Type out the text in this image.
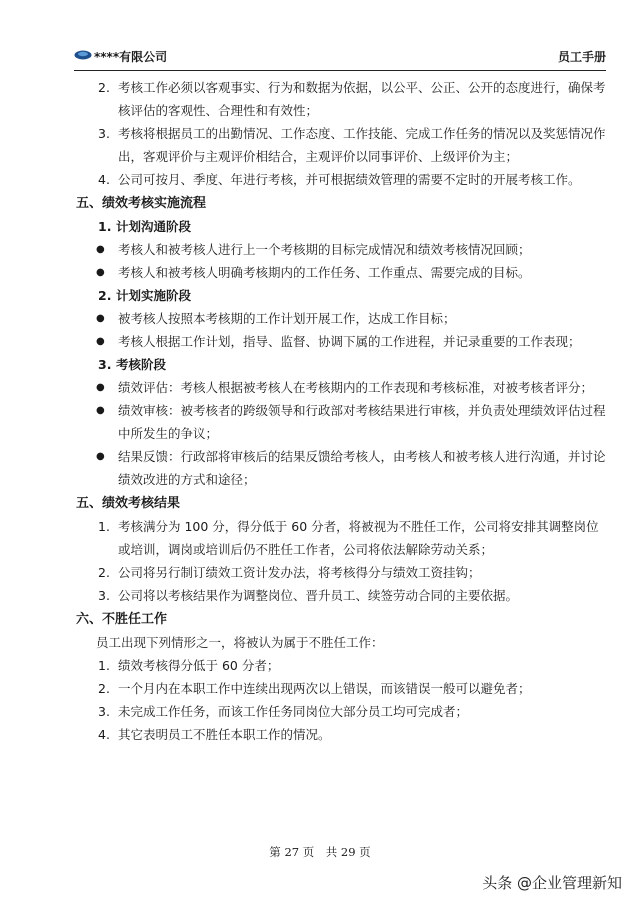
****有限公司	员工手册
2. 考核工作必须以客观事实、行为和数据为依据，以公平、公正、公开的态度进行，确保考核评估的客观性、合理性和有效性；
3. 考核将根据员工的出勤情况、工作态度、工作技能、完成工作任务的情况以及奖惩情况作出，客观评价与主观评价相结合，主观评价以同事评价、上级评价为主；
4. 公司可按月、季度、年进行考核，并可根据绩效管理的需要不定时的开展考核工作。
五、绩效考核实施流程
1. 计划沟通阶段
● 考核人和被考核人进行上一个考核期的目标完成情况和绩效考核情况回顾；
● 考核人和被考核人明确考核期内的工作任务、工作重点、需要完成的目标。
2. 计划实施阶段
● 被考核人按照本考核期的工作计划开展工作，达成工作目标；
● 考核人根据工作计划，指导、监督、协调下属的工作进程，并记录重要的工作表现；
3. 考核阶段
● 绩效评估：考核人根据被考核人在考核期内的工作表现和考核标准，对被考核者评分；
● 绩效审核：被考核者的跨级领导和行政部对考核结果进行审核，并负责处理绩效评估过程中所发生的争议；
● 结果反馈：行政部将审核后的结果反馈给考核人，由考核人和被考核人进行沟通，并讨论绩效改进的方式和途径；
五、绩效考核结果
1. 考核满分为 100 分，得分低于 60 分者，将被视为不胜任工作，公司将安排其调整岗位或培训，调岗或培训后仍不胜任工作者，公司将依法解除劳动关系；
2. 公司将另行制订绩效工资计发办法，将考核得分与绩效工资挂钩；
3. 公司将以考核结果作为调整岗位、晋升员工、续签劳动合同的主要依据。
六、不胜任工作
员工出现下列情形之一，将被认为属于不胜任工作：
1. 绩效考核得分低于 60 分者；
2. 一个月内在本职工作中连续出现两次以上错误，而该错误一般可以避免者；
3. 未完成工作任务，而该工作任务同岗位大部分员工均可完成者；
4. 其它表明员工不胜任本职工作的情况。
第 27 页　共 29 页
头条 @企业管理新知
